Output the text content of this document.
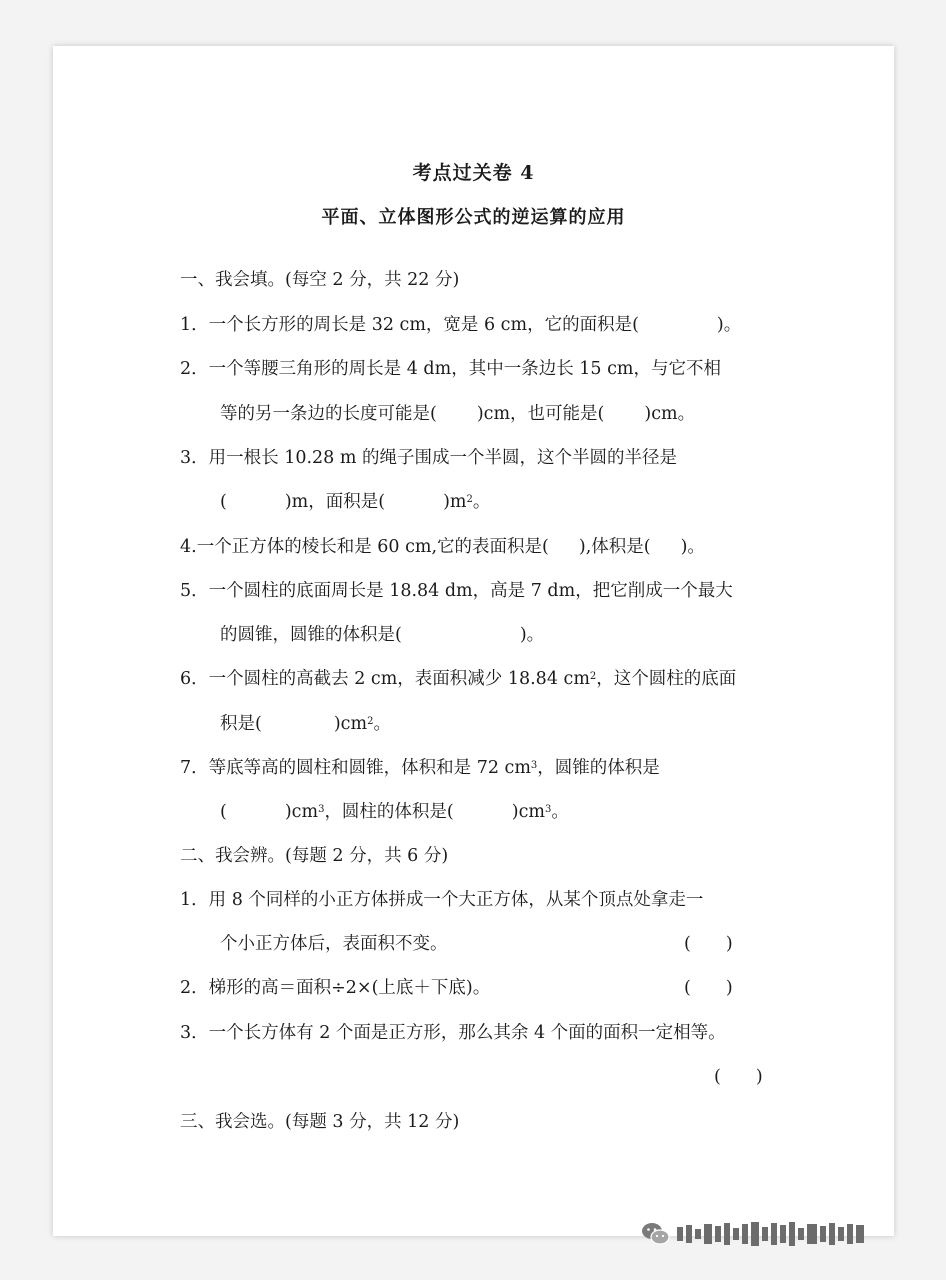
考点过关卷 4
平面、立体图形公式的逆运算的应用
一、我会填。(每空 2 分，共 22 分)
1．一个长方形的周长是 32 cm，宽是 6 cm，它的面积是(	)。
2．一个等腰三角形的周长是 4 dm，其中一条边长 15 cm，与它不相
等的另一条边的长度可能是( )cm，也可能是( )cm。
3．用一根长 10.28 m 的绳子围成一个半圆，这个半圆的半径是
(	)m，面积是(	)$m^2$。
4.一个正方体的棱长和是 60 cm,它的表面积是( ),体积是( )。
5．一个圆柱的底面周长是 18.84 dm，高是 7 dm，把它削成一个最大
的圆锥，圆锥的体积是(	)。
6．一个圆柱的高截去 2 cm，表面积减少 18.84 $cm^2$，这个圆柱的底面
积是(	)$cm^2$。
7．等底等高的圆柱和圆锥，体积和是 72 $cm^3$，圆锥的体积是
(	)$cm^3$，圆柱的体积是(	)$cm^3$。
二、我会辨。(每题 2 分，共 6 分)
1．用 8 个同样的小正方体拼成一个大正方体，从某个顶点处拿走一
个小正方体后，表面积不变。	(　　)
2．梯形的高＝面积÷2×(上底＋下底)。	(　　)
3．一个长方体有 2 个面是正方形，那么其余 4 个面的面积一定相等。
(　　)
三、我会选。(每题 3 分，共 12 分)
